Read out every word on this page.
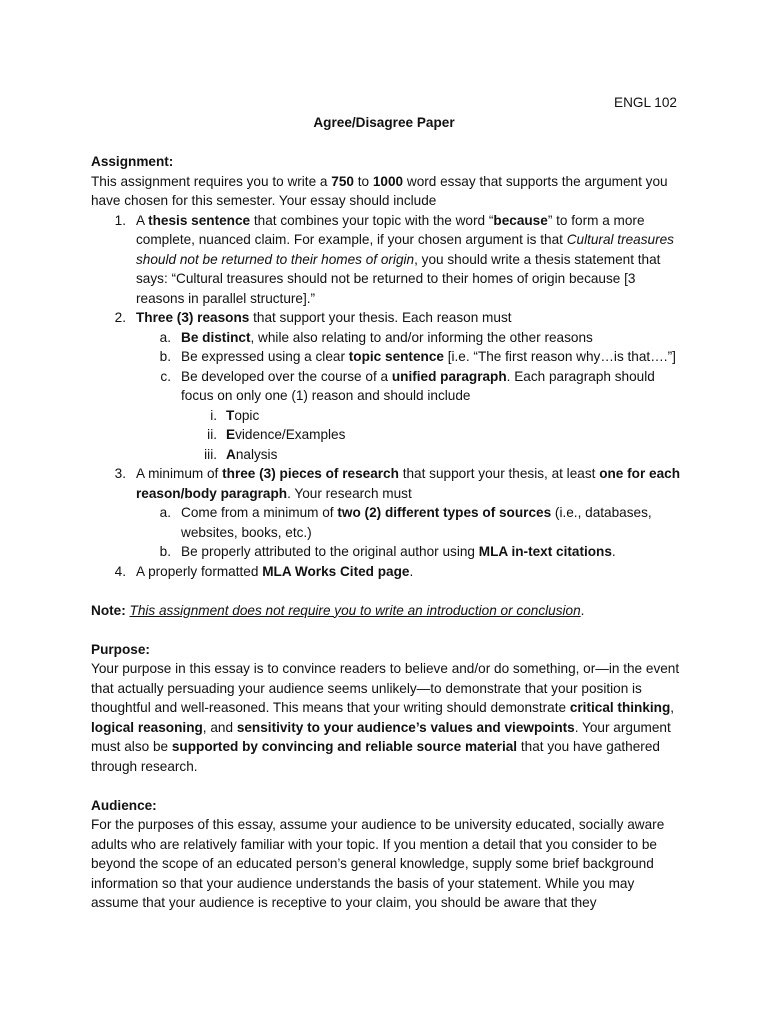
ENGL 102
Agree/Disagree Paper
Assignment:

This assignment requires you to write a 750 to 1000 word essay that supports the argument you have chosen for this semester. Your essay should include

1. A thesis sentence that combines your topic with the word “because” to form a more complete, nuanced claim. For example, if your chosen argument is that Cultural treasures should not be returned to their homes of origin, you should write a thesis statement that says: “Cultural treasures should not be returned to their homes of origin because [3 reasons in parallel structure].”
2. Three (3) reasons that support your thesis. Each reason must
a. Be distinct, while also relating to and/or informing the other reasons
b. Be expressed using a clear topic sentence [i.e. “The first reason why…is that….”]
c. Be developed over the course of a unified paragraph. Each paragraph should focus on only one (1) reason and should include
i. Topic
ii. Evidence/Examples
iii. Analysis
3. A minimum of three (3) pieces of research that support your thesis, at least one for each reason/body paragraph. Your research must
a. Come from a minimum of two (2) different types of sources (i.e., databases, websites, books, etc.)
b. Be properly attributed to the original author using MLA in-text citations.
4. A properly formatted MLA Works Cited page.

Note: This assignment does not require you to write an introduction or conclusion.

Purpose:

Your purpose in this essay is to convince readers to believe and/or do something, or—in the event that actually persuading your audience seems unlikely—to demonstrate that your position is thoughtful and well-reasoned. This means that your writing should demonstrate critical thinking, logical reasoning, and sensitivity to your audience’s values and viewpoints. Your argument must also be supported by convincing and reliable source material that you have gathered through research.

Audience:

For the purposes of this essay, assume your audience to be university educated, socially aware adults who are relatively familiar with your topic. If you mention a detail that you consider to be beyond the scope of an educated person’s general knowledge, supply some brief background information so that your audience understands the basis of your statement. While you may assume that your audience is receptive to your claim, you should be aware that they
